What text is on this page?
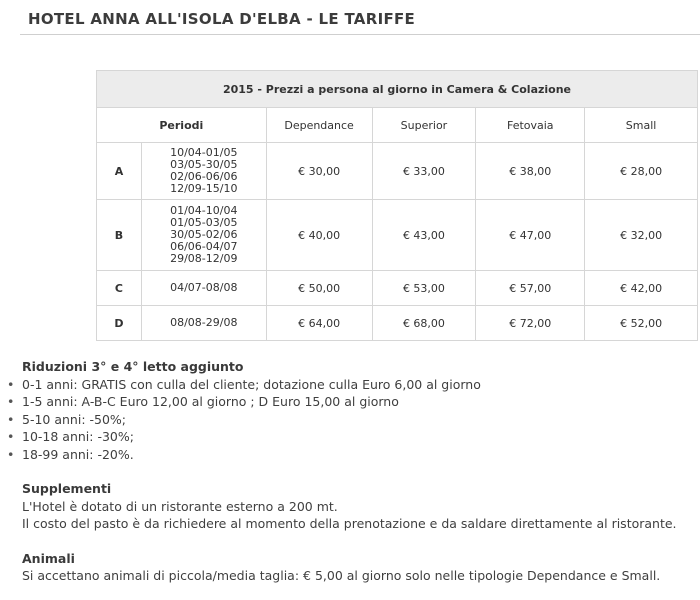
HOTEL ANNA ALL'ISOLA D'ELBA - LE TARIFFE
2015 - Prezzi a persona al giorno in Camera & Colazione					
Periodi		Dependance	Superior	Fetovaia	Small
A	10/04-01/05
03/05-30/05
02/06-06/06
12/09-15/10	€ 30,00	€ 33,00	€ 38,00	€ 28,00
B	01/04-10/04
01/05-03/05
30/05-02/06
06/06-04/07
29/08-12/09	€ 40,00	€ 43,00	€ 47,00	€ 32,00
C	04/07-08/08	€ 50,00	€ 53,00	€ 57,00	€ 42,00
D	08/08-29/08	€ 64,00	€ 68,00	€ 72,00	€ 52,00
Riduzioni 3° e 4° letto aggiunto
• 0-1 anni: GRATIS con culla del cliente; dotazione culla Euro 6,00 al giorno
• 1-5 anni: A-B-C Euro 12,00 al giorno ; D Euro 15,00 al giorno
• 5-10 anni: -50%;
• 10-18 anni: -30%;
• 18-99 anni: -20%.
Supplementi

L'Hotel è dotato di un ristorante esterno a 200 mt.

Il costo del pasto è da richiedere al momento della prenotazione e da saldare direttamente al ristorante.

Animali

Si accettano animali di piccola/media taglia: € 5,00 al giorno solo nelle tipologie Dependance e Small.
